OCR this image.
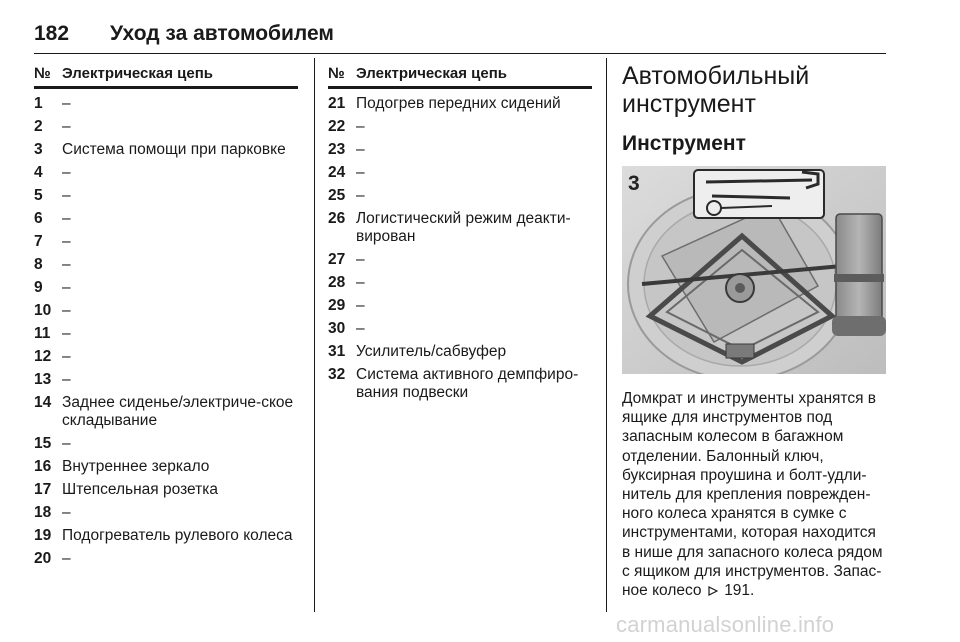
182 Уход за автомобилем
№ Электрическая цепь
1	–
2	–
3	Система помощи при парковке
4	–
5	–
6	–
7	–
8	–
9	–
10 –
11 –
12 –
13 –
14 Заднее сиденье/электриче-ское складывание
15 –
16 Внутреннее зеркало
17 Штепсельная розетка
18 –
19 Подогреватель рулевого колеса
20 –
№ Электрическая цепь
21 Подогрев передних сидений
22 –
23 –
24 –
25 –
26 Логистический режим деакти-вирован
27 –
28 –
29 –
30 –
31 Усилитель/сабвуфер
32 Система активного демпфиро-вания подвески
Автомобильный инструмент
Инструмент
3
Домкрат и инструменты хранятся в ящике для инструментов под запасным колесом в багажном отделении. Балонный ключ, буксирная проушина и болт-удли-нитель для крепления поврежден-ного колеса хранятся в сумке с инструментами, которая находится в нише для запасного колеса рядом с ящиком для инструментов. Запас-ное колесо 191.
carmanualsonline.info
